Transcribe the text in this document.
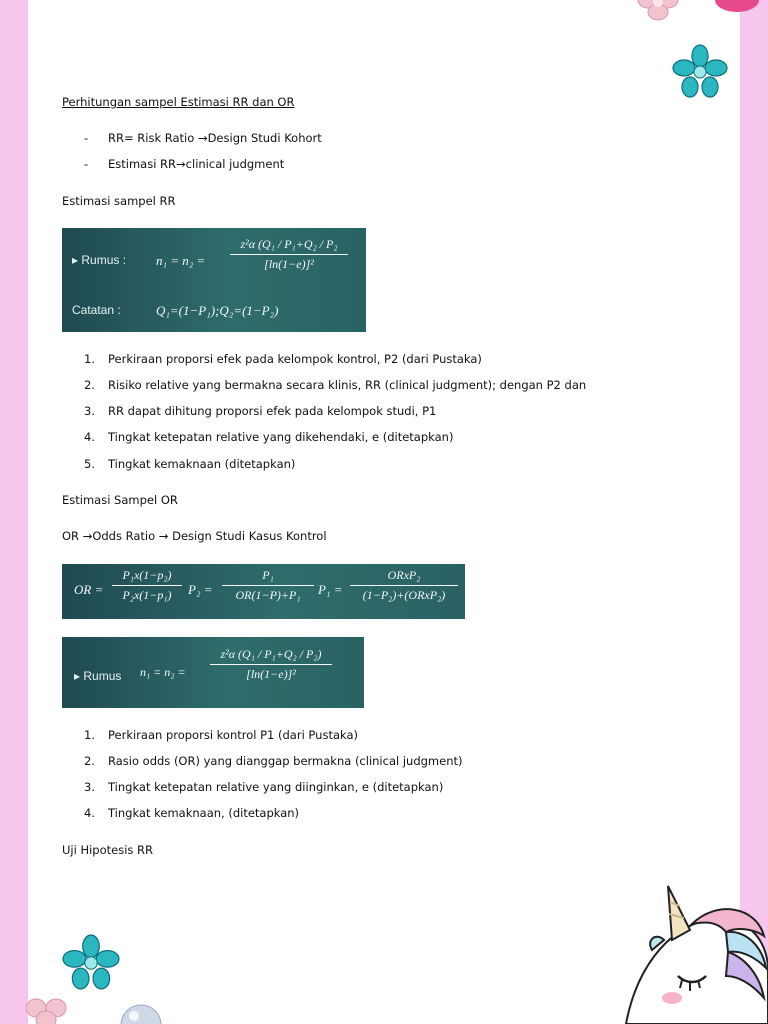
Perhitungan sampel Estimasi RR dan OR
- RR= Risk Ratio →Design Studi Kohort
- Estimasi RR→clinical judgment
Estimasi sampel RR
▸ Rumus : n₁ = n₂ =
z²α (Q₁ / P₁+Q₂ / P₂
[ln(1−e)]²
Catatan :	Q₁=(1−P₁);Q₂=(1−P₂)
1. Perkiraan proporsi efek pada kelompok kontrol, P2 (dari Pustaka)
2. Risiko relative yang bermakna secara klinis, RR (clinical judgment); dengan P2 dan
3. RR dapat dihitung proporsi efek pada kelompok studi, P1
4. Tingkat ketepatan relative yang dikehendaki, e (ditetapkan)
5. Tingkat kemaknaan (ditetapkan)
Estimasi Sampel OR
OR →Odds Ratio → Design Studi Kasus Kontrol
OR =
P₁x(1−p₂)
P₂x(1−p₁)	P₂ =
P₁
OR(1−P)+P₁	P₁ =
ORxP₂
(1−P₂)+(ORxP₂)
▸ Rumus n₁ = n₂ =
z²α (Q₁ / P₁+Q₂ / P₂)
[ln(1−e)]²
1. Perkiraan proporsi kontrol P1 (dari Pustaka)
2. Rasio odds (OR) yang dianggap bermakna (clinical judgment)
3. Tingkat ketepatan relative yang diinginkan, e (ditetapkan)
4. Tingkat kemaknaan, (ditetapkan)
Uji Hipotesis RR
